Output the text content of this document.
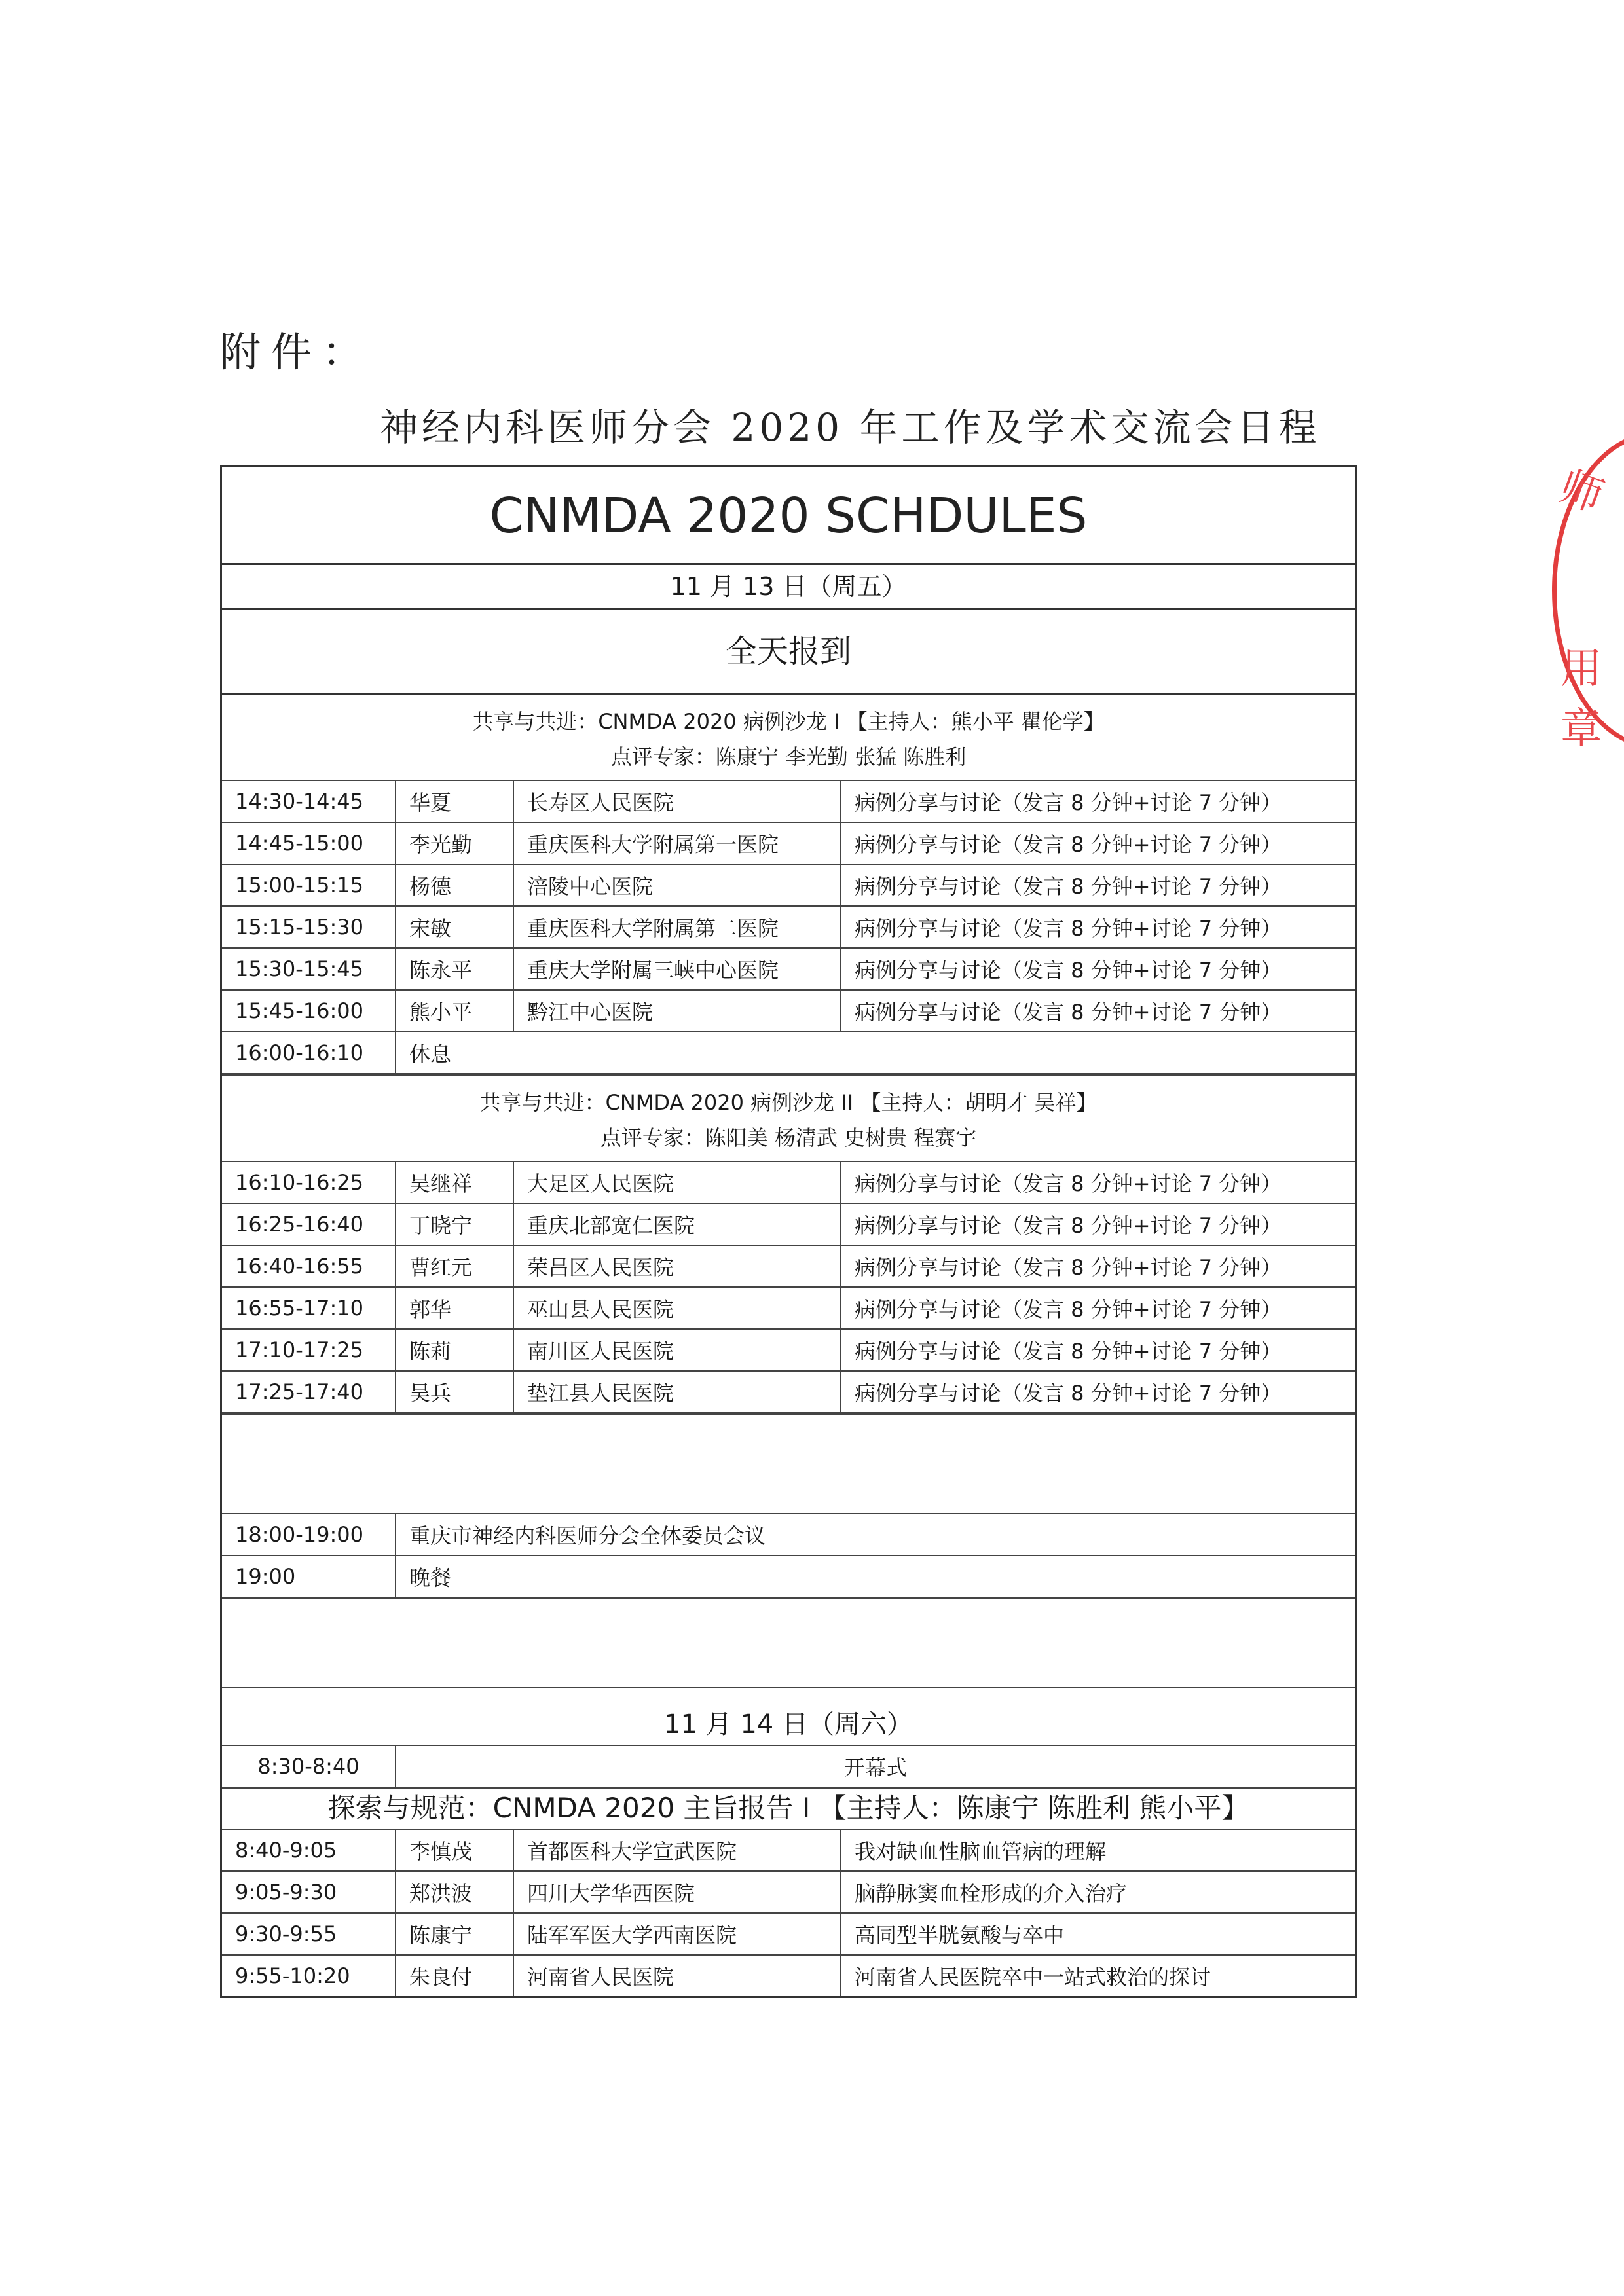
附件：
神经内科医师分会 2020 年工作及学术交流会日程
师
用章
CNMDA 2020 SCHDULES
11 月 13 日（周五）
全天报到
共享与共进：CNMDA 2020 病例沙龙 I 【主持人：熊小平 瞿伦学】
点评专家：陈康宁 李光勤 张猛 陈胜利
14:30-14:45	华夏	长寿区人民医院	病例分享与讨论（发言 8 分钟+讨论 7 分钟）
14:45-15:00	李光勤	重庆医科大学附属第一医院	病例分享与讨论（发言 8 分钟+讨论 7 分钟）
15:00-15:15	杨德	涪陵中心医院	病例分享与讨论（发言 8 分钟+讨论 7 分钟）
15:15-15:30	宋敏	重庆医科大学附属第二医院	病例分享与讨论（发言 8 分钟+讨论 7 分钟）
15:30-15:45	陈永平	重庆大学附属三峡中心医院	病例分享与讨论（发言 8 分钟+讨论 7 分钟）
15:45-16:00	熊小平	黔江中心医院	病例分享与讨论（发言 8 分钟+讨论 7 分钟）
16:00-16:10	休息		
共享与共进：CNMDA 2020 病例沙龙 II 【主持人：胡明才 吴祥】
点评专家：陈阳美 杨清武 史树贵 程赛宇
16:10-16:25	吴继祥	大足区人民医院	病例分享与讨论（发言 8 分钟+讨论 7 分钟）
16:25-16:40	丁晓宁	重庆北部宽仁医院	病例分享与讨论（发言 8 分钟+讨论 7 分钟）
16:40-16:55	曹红元	荣昌区人民医院	病例分享与讨论（发言 8 分钟+讨论 7 分钟）
16:55-17:10	郭华	巫山县人民医院	病例分享与讨论（发言 8 分钟+讨论 7 分钟）
17:10-17:25	陈莉	南川区人民医院	病例分享与讨论（发言 8 分钟+讨论 7 分钟）
17:25-17:40	吴兵	垫江县人民医院	病例分享与讨论（发言 8 分钟+讨论 7 分钟）
18:00-19:00	重庆市神经内科医师分会全体委员会议
19:00	晚餐
11 月 14 日（周六）
8:30-8:40	开幕式
探索与规范：CNMDA 2020 主旨报告 I 【主持人：陈康宁 陈胜利 熊小平】
8:40-9:05	李慎茂	首都医科大学宣武医院	我对缺血性脑血管病的理解
9:05-9:30	郑洪波	四川大学华西医院	脑静脉窦血栓形成的介入治疗
9:30-9:55	陈康宁	陆军军医大学西南医院	高同型半胱氨酸与卒中
9:55-10:20	朱良付	河南省人民医院	河南省人民医院卒中一站式救治的探讨
